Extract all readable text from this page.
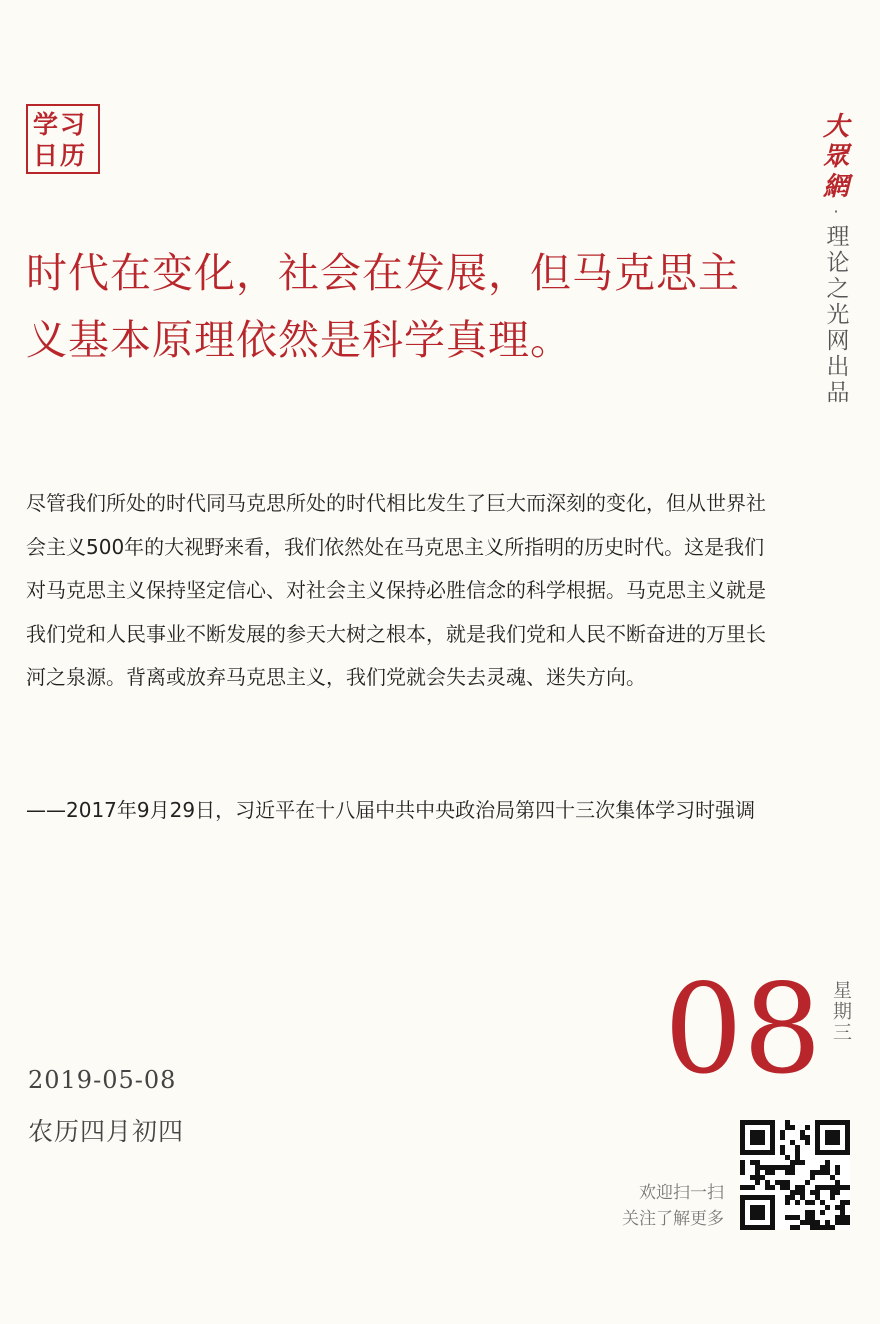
学习
日历
大
眾
網
·
理论之光网出品
时代在变化，社会在发展，但马克思主义基本原理依然是科学真理。
尽管我们所处的时代同马克思所处的时代相比发生了巨大而深刻的变化，但从世界社会主义500年的大视野来看，我们依然处在马克思主义所指明的历史时代。这是我们对马克思主义保持坚定信心、对社会主义保持必胜信念的科学根据。马克思主义就是我们党和人民事业不断发展的参天大树之根本，就是我们党和人民不断奋进的万里长河之泉源。背离或放弃马克思主义，我们党就会失去灵魂、迷失方向。
——2017年9月29日，习近平在十八届中共中央政治局第四十三次集体学习时强调
08 星期三
2019-05-08
农历四月初四
欢迎扫一扫
关注了解更多
